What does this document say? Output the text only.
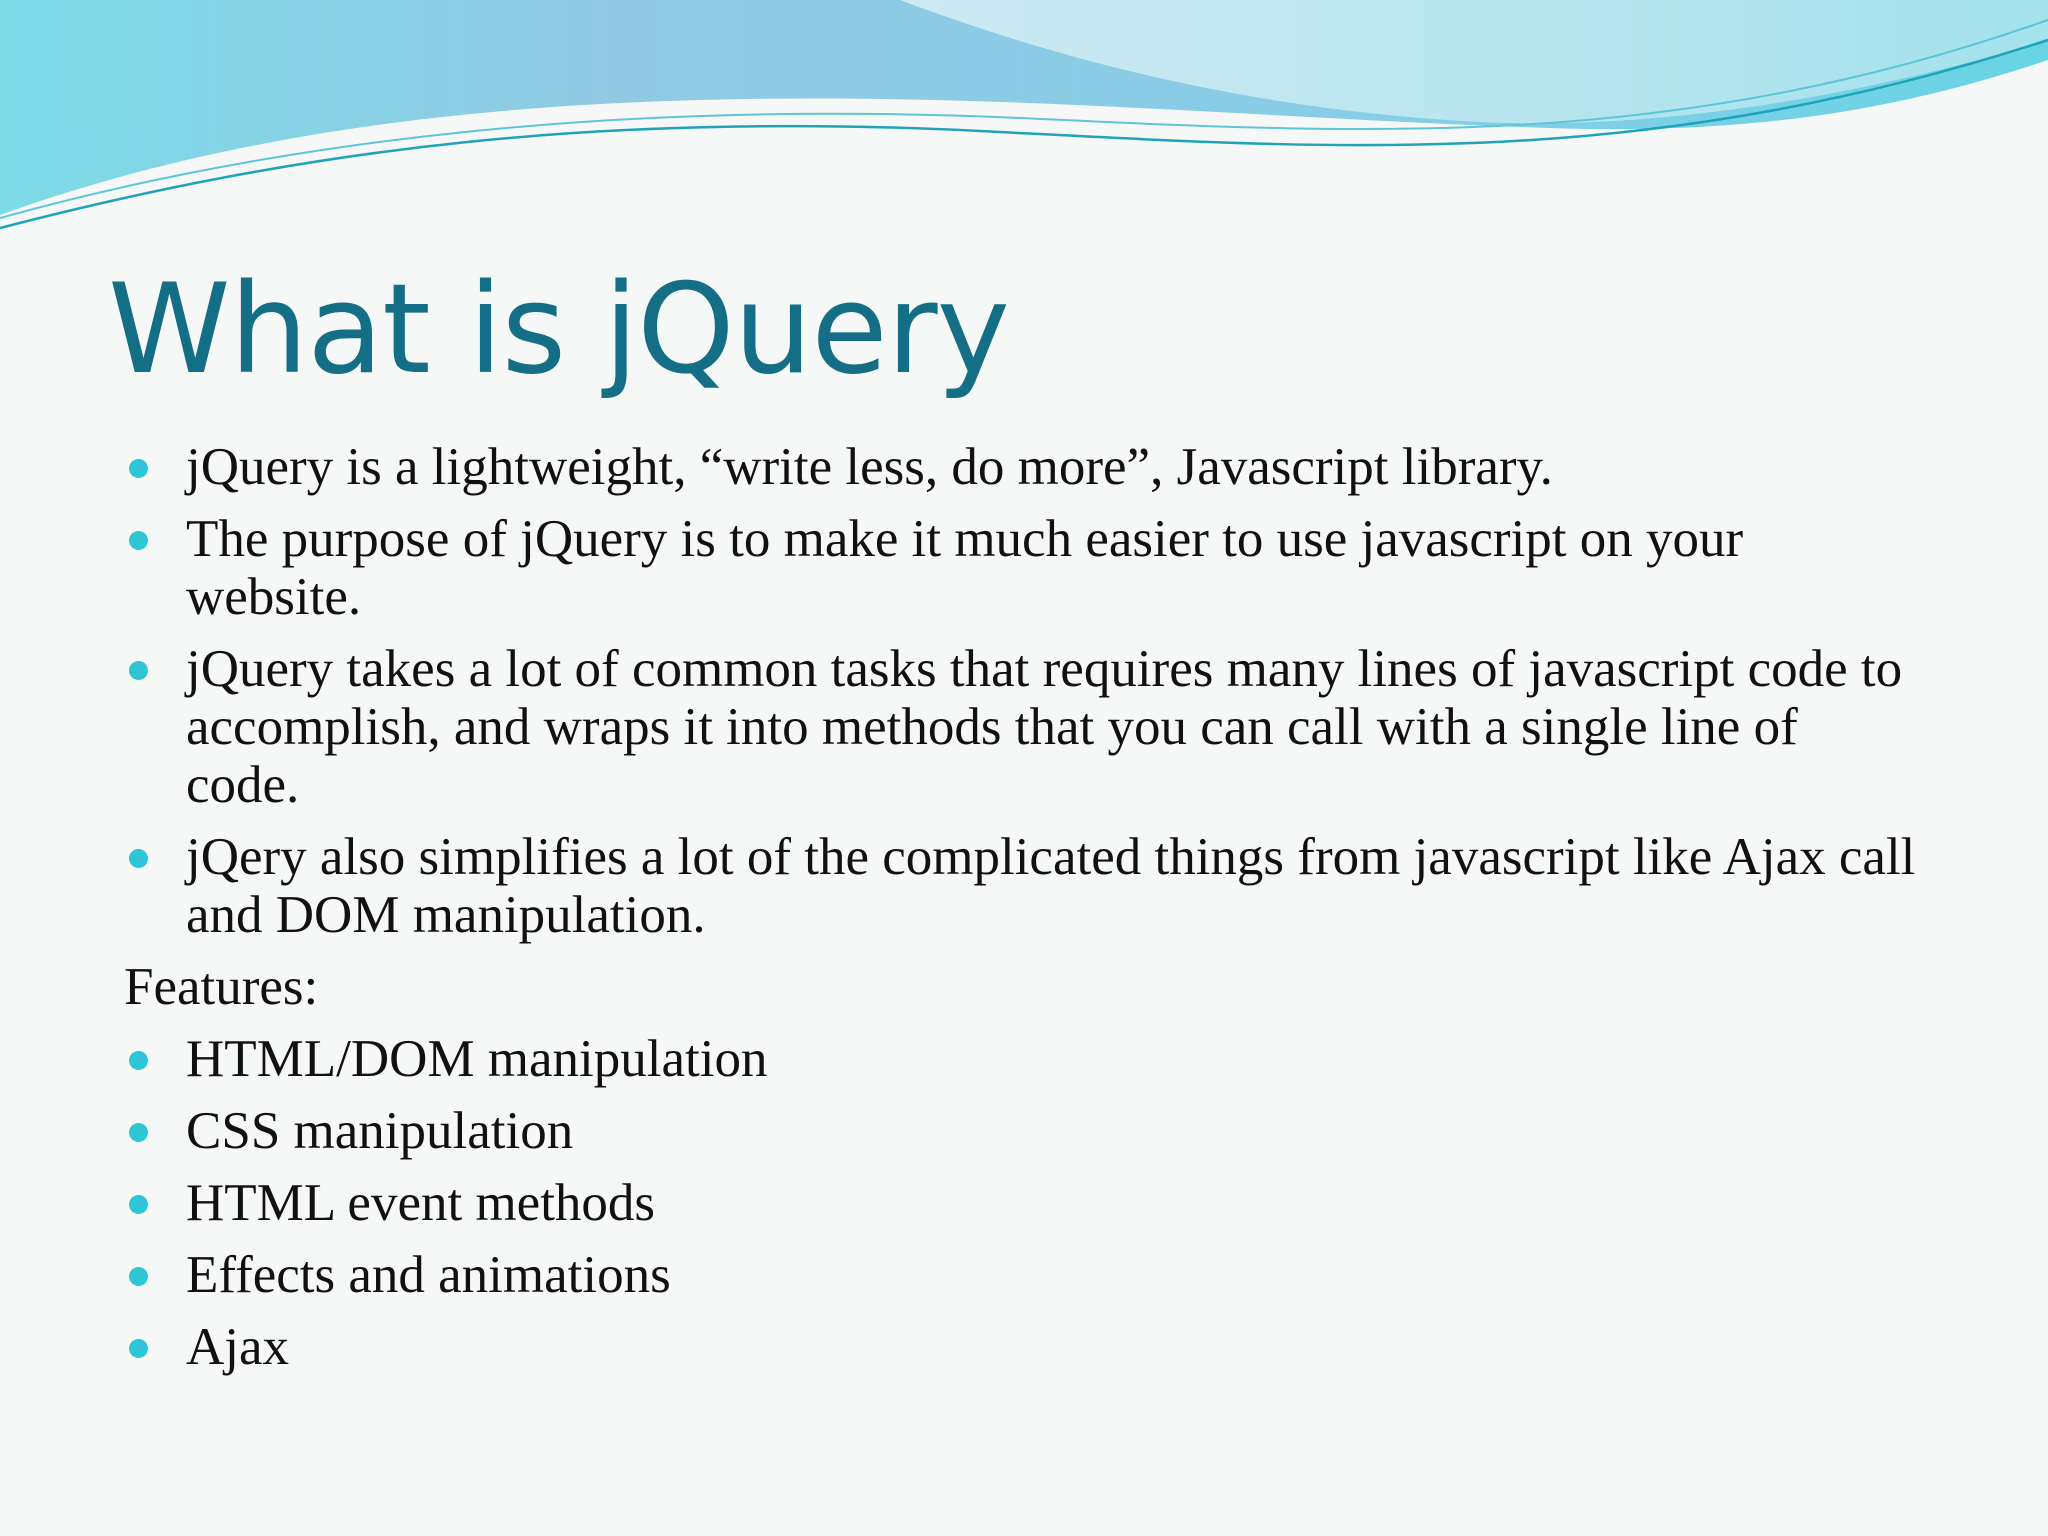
What is jQuery
jQuery is a lightweight, “write less, do more”, Javascript library.
The purpose of jQuery is to make it much easier to use javascript on your website.
jQuery takes a lot of common tasks that requires many lines of javascript code to accomplish, and wraps it into methods that you can call with a single line of code.
jQery also simplifies a lot of the complicated things from javascript like Ajax call and DOM manipulation.
Features:
HTML/DOM manipulation
CSS manipulation
HTML event methods
Effects and animations
Ajax
